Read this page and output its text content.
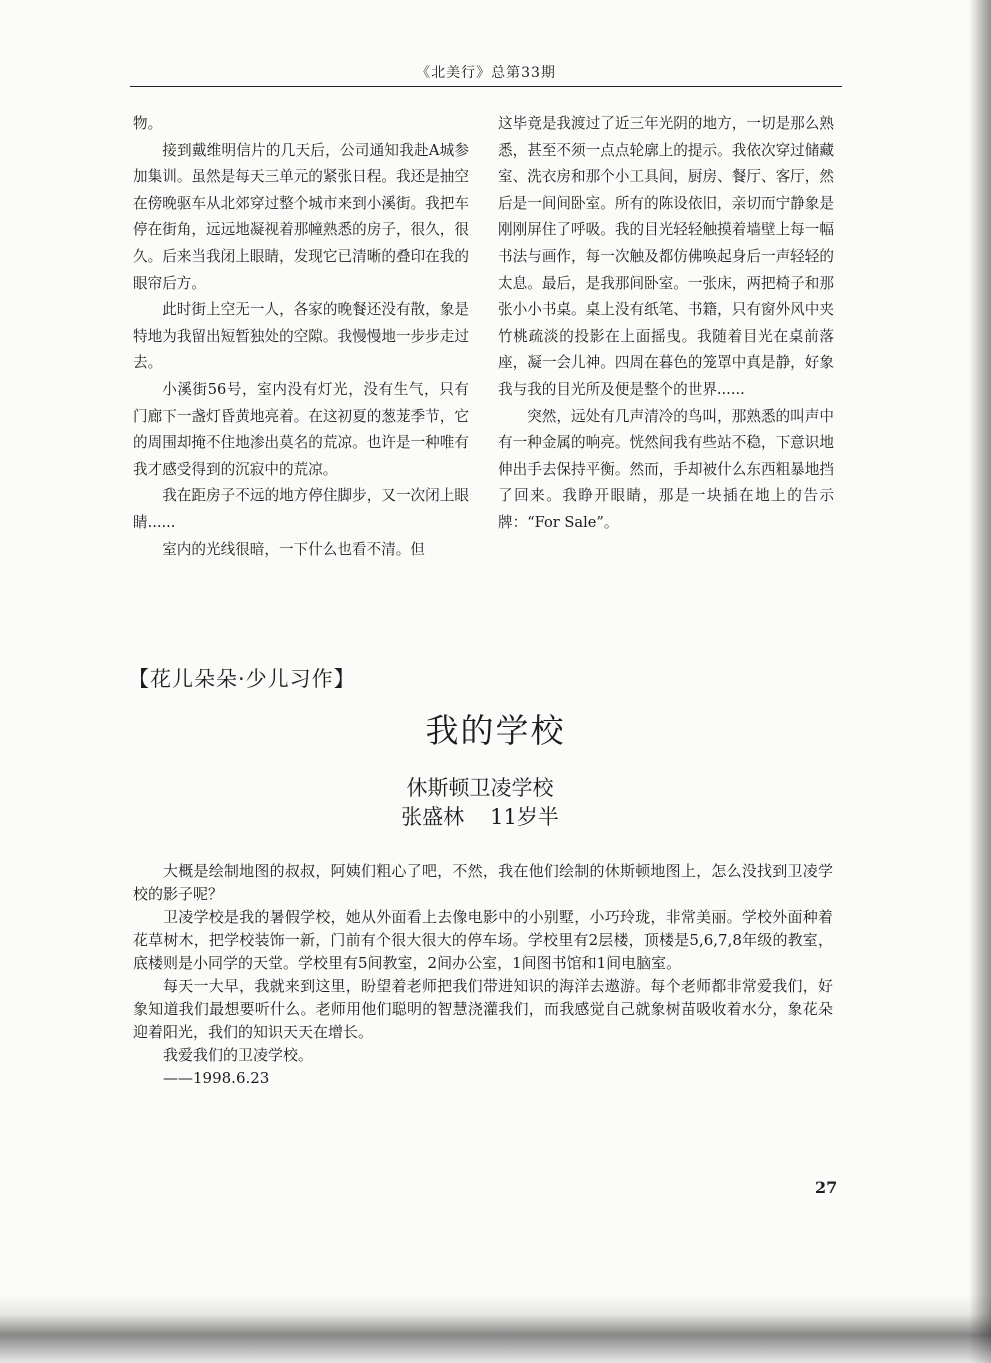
《北美行》总第33期

物。

接到戴维明信片的几天后，公司通知我赴A城参加集训。虽然是每天三单元的紧张日程。我还是抽空在傍晚驱车从北郊穿过整个城市来到小溪街。我把车停在街角，远远地凝视着那幢熟悉的房子，很久，很久。后来当我闭上眼睛，发现它已清晰的叠印在我的眼帘后方。

此时街上空无一人，各家的晚餐还没有散，象是特地为我留出短暂独处的空隙。我慢慢地一步步走过去。

小溪街56号，室内没有灯光，没有生气，只有门廊下一盏灯昏黄地亮着。在这初夏的葱茏季节，它的周围却掩不住地渗出莫名的荒凉。也许是一种唯有我才感受得到的沉寂中的荒凉。

我在距房子不远的地方停住脚步，又一次闭上眼睛......

室内的光线很暗，一下什么也看不清。但

这毕竟是我渡过了近三年光阴的地方，一切是那么熟悉，甚至不须一点点轮廓上的提示。我依次穿过储藏室、洗衣房和那个小工具间，厨房、餐厅、客厅，然后是一间间卧室。所有的陈设依旧，亲切而宁静象是刚刚屏住了呼吸。我的目光轻轻触摸着墙壁上每一幅书法与画作，每一次触及都仿佛唤起身后一声轻轻的太息。最后，是我那间卧室。一张床，两把椅子和那张小小书桌。桌上没有纸笔、书籍，只有窗外风中夹竹桃疏淡的投影在上面摇曳。我随着目光在桌前落座，凝一会儿神。四周在暮色的笼罩中真是静，好象我与我的目光所及便是整个的世界......

突然，远处有几声清冷的鸟叫，那熟悉的叫声中有一种金属的响亮。恍然间我有些站不稳，下意识地伸出手去保持平衡。然而，手却被什么东西粗暴地挡了回来。我睁开眼睛，那是一块插在地上的告示牌：“For Sale”。

【花儿朵朵·少儿习作】
我的学校
休斯顿卫凌学校
张盛林 11岁半

大概是绘制地图的叔叔，阿姨们粗心了吧，不然，我在他们绘制的休斯顿地图上，怎么没找到卫凌学校的影子呢？

卫凌学校是我的暑假学校，她从外面看上去像电影中的小别墅，小巧玲珑，非常美丽。学校外面种着花草树木，把学校装饰一新，门前有个很大很大的停车场。学校里有2层楼，顶楼是5,6,7,8年级的教室，底楼则是小同学的天堂。学校里有5间教室，2间办公室，1间图书馆和1间电脑室。

每天一大早，我就来到这里，盼望着老师把我们带进知识的海洋去遨游。每个老师都非常爱我们，好象知道我们最想要听什么。老师用他们聪明的智慧浇灌我们，而我感觉自己就象树苗吸收着水分，象花朵迎着阳光，我们的知识天天在增长。

我爱我们的卫凌学校。

——1998.6.23

27
